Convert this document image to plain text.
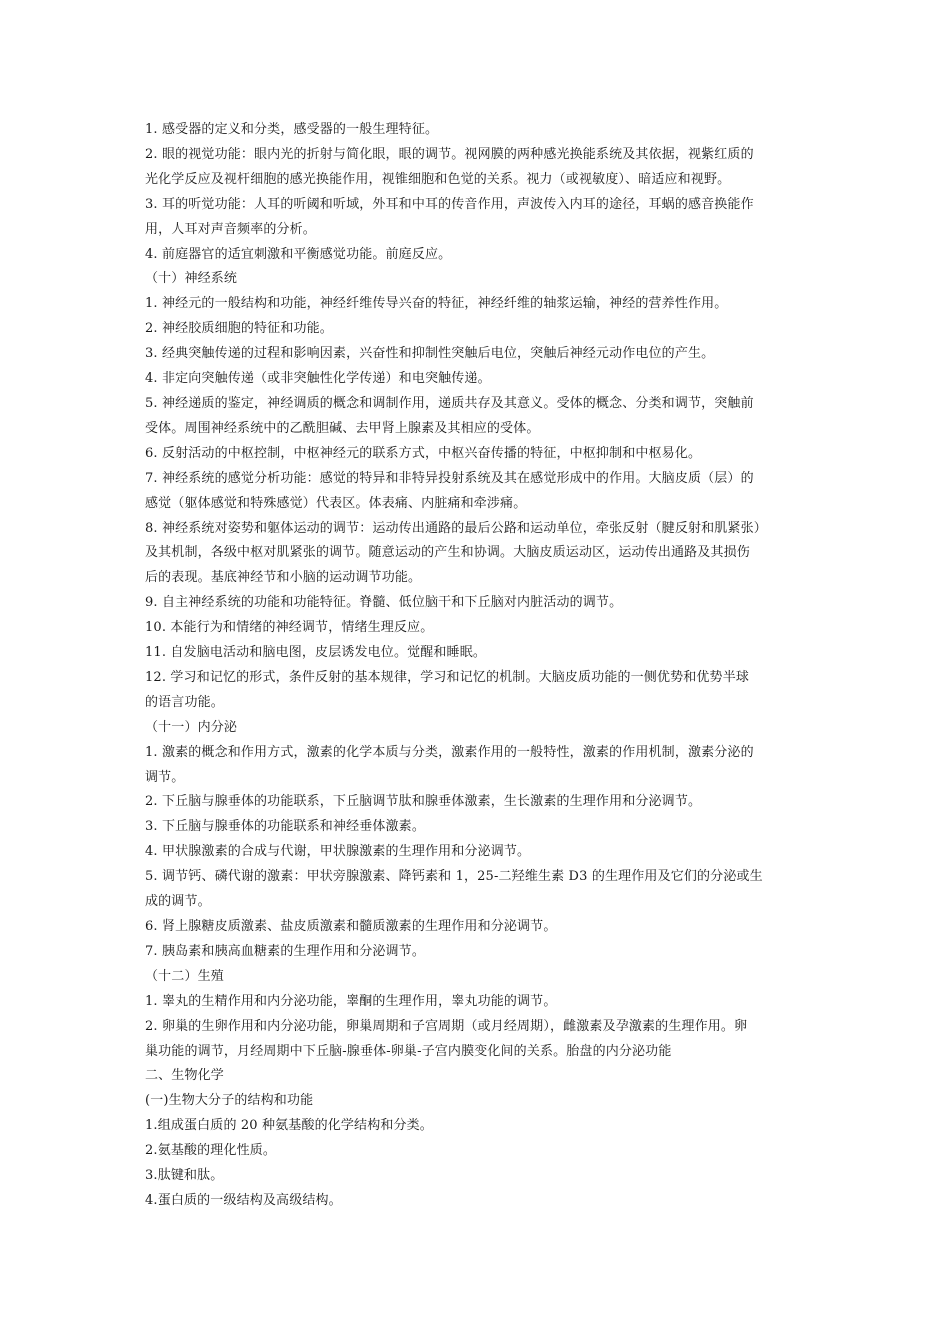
1. 感受器的定义和分类，感受器的一般生理特征。
2. 眼的视觉功能：眼内光的折射与简化眼，眼的调节。视网膜的两种感光换能系统及其依据，视紫红质的
光化学反应及视杆细胞的感光换能作用，视锥细胞和色觉的关系。视力（或视敏度）、暗适应和视野。
3. 耳的听觉功能：人耳的听阈和听域，外耳和中耳的传音作用，声波传入内耳的途径，耳蜗的感音换能作
用，人耳对声音频率的分析。
4. 前庭器官的适宜刺激和平衡感觉功能。前庭反应。
（十）神经系统
1. 神经元的一般结构和功能，神经纤维传导兴奋的特征，神经纤维的轴浆运输，神经的营养性作用。
2. 神经胶质细胞的特征和功能。
3. 经典突触传递的过程和影响因素，兴奋性和抑制性突触后电位，突触后神经元动作电位的产生。
4. 非定向突触传递（或非突触性化学传递）和电突触传递。
5. 神经递质的鉴定，神经调质的概念和调制作用，递质共存及其意义。受体的概念、分类和调节，突触前
受体。周围神经系统中的乙酰胆碱、去甲肾上腺素及其相应的受体。
6. 反射活动的中枢控制，中枢神经元的联系方式，中枢兴奋传播的特征，中枢抑制和中枢易化。
7. 神经系统的感觉分析功能：感觉的特异和非特异投射系统及其在感觉形成中的作用。大脑皮质（层）的
感觉（躯体感觉和特殊感觉）代表区。体表痛、内脏痛和牵涉痛。
8. 神经系统对姿势和躯体运动的调节：运动传出通路的最后公路和运动单位，牵张反射（腱反射和肌紧张）
及其机制，各级中枢对肌紧张的调节。随意运动的产生和协调。大脑皮质运动区，运动传出通路及其损伤
后的表现。基底神经节和小脑的运动调节功能。
9. 自主神经系统的功能和功能特征。脊髓、低位脑干和下丘脑对内脏活动的调节。
10. 本能行为和情绪的神经调节，情绪生理反应。
11. 自发脑电活动和脑电图，皮层诱发电位。觉醒和睡眠。
12. 学习和记忆的形式，条件反射的基本规律，学习和记忆的机制。大脑皮质功能的一侧优势和优势半球
的语言功能。
（十一）内分泌
1. 激素的概念和作用方式，激素的化学本质与分类，激素作用的一般特性，激素的作用机制，激素分泌的
调节。
2. 下丘脑与腺垂体的功能联系，下丘脑调节肽和腺垂体激素，生长激素的生理作用和分泌调节。
3. 下丘脑与腺垂体的功能联系和神经垂体激素。
4. 甲状腺激素的合成与代谢，甲状腺激素的生理作用和分泌调节。
5. 调节钙、磷代谢的激素：甲状旁腺激素、降钙素和 1，25-二羟维生素 D3 的生理作用及它们的分泌或生
成的调节。
6. 肾上腺糖皮质激素、盐皮质激素和髓质激素的生理作用和分泌调节。
7. 胰岛素和胰高血糖素的生理作用和分泌调节。
（十二）生殖
1. 睾丸的生精作用和内分泌功能，睾酮的生理作用，睾丸功能的调节。
2. 卵巢的生卵作用和内分泌功能，卵巢周期和子宫周期（或月经周期），雌激素及孕激素的生理作用。卵
巢功能的调节，月经周期中下丘脑-腺垂体-卵巢-子宫内膜变化间的关系。胎盘的内分泌功能
二、生物化学
(一)生物大分子的结构和功能
1.组成蛋白质的 20 种氨基酸的化学结构和分类。
2.氨基酸的理化性质。
3.肽键和肽。
4.蛋白质的一级结构及高级结构。
